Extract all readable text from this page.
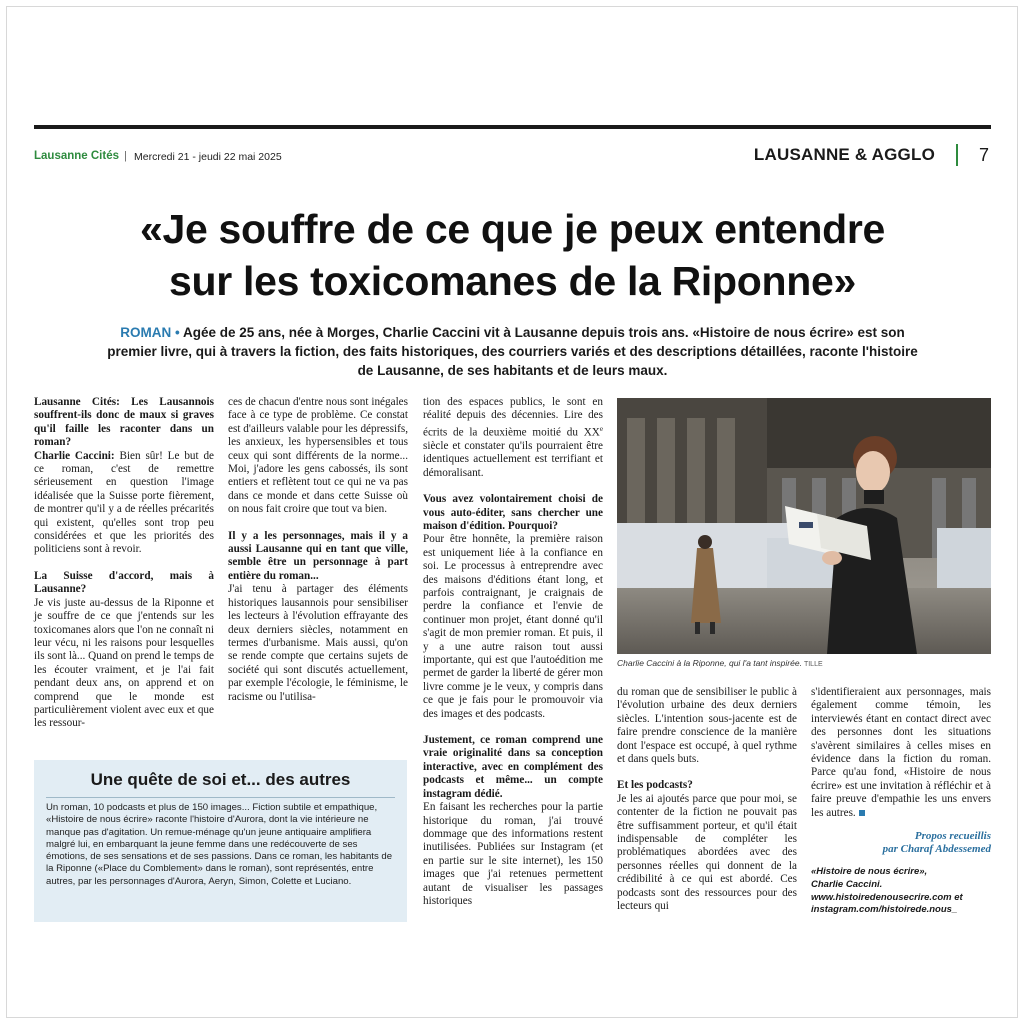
Lausanne Cités | Mercredi 21 - jeudi 22 mai 2025	LAUSANNE & AGGLO 7
«Je souffre de ce que je peux entendre
sur les toxicomanes de la Riponne»

ROMAN • Agée de 25 ans, née à Morges, Charlie Caccini vit à Lausanne depuis trois ans. «Histoire de nous écrire» est son premier livre, qui à travers la fiction, des faits historiques, des courriers variés et des descriptions détaillées, raconte l'histoire de Lausanne, de ses habitants et de leurs maux.

Lausanne Cités: Les Lausannois souffrent-ils donc de maux si graves qu'il faille les raconter dans un roman?

Charlie Caccini: Bien sûr! Le but de ce roman, c'est de remettre sérieusement en question l'image idéalisée que la Suisse porte fièrement, de montrer qu'il y a de réelles précarités qui existent, qu'elles sont trop peu considérées et que les priorités des politiciens sont à revoir.

La Suisse d'accord, mais à Lausanne?

Je vis juste au-dessus de la Riponne et je souffre de ce que j'entends sur les toxicomanes alors que l'on ne connaît ni leur vécu, ni les raisons pour lesquelles ils sont là... Quand on prend le temps de les écouter vraiment, et je l'ai fait pendant deux ans, on apprend et on comprend que le monde est particulièrement violent avec eux et que les ressour-

ces de chacun d'entre nous sont inégales face à ce type de problème. Ce constat est d'ailleurs valable pour les dépressifs, les anxieux, les hypersensibles et tous ceux qui sont différents de la norme... Moi, j'adore les gens cabossés, ils sont entiers et reflètent tout ce qui ne va pas dans ce monde et dans cette Suisse où on nous fait croire que tout va bien.

Il y a les personnages, mais il y a aussi Lausanne qui en tant que ville, semble être un personnage à part entière du roman...

J'ai tenu à partager des éléments historiques lausannois pour sensibiliser les lecteurs à l'évolution effrayante des deux derniers siècles, notamment en termes d'urbanisme. Mais aussi, qu'on se rende compte que certains sujets de société qui sont discutés actuellement, par exemple l'écologie, le féminisme, le racisme ou l'utilisa-

tion des espaces publics, le sont en réalité depuis des décennies. Lire des écrits de la deuxième moitié du XXe siècle et constater qu'ils pourraient être identiques actuellement est terrifiant et démoralisant.

Vous avez volontairement choisi de vous auto-éditer, sans chercher une maison d'édition. Pourquoi?

Pour être honnête, la première raison est uniquement liée à la confiance en soi. Le processus à entreprendre avec des maisons d'éditions étant long, et parfois contraignant, je craignais de perdre la confiance et l'envie de continuer mon projet, étant donné qu'il s'agit de mon premier roman. Et puis, il y a une autre raison tout aussi importante, qui est que l'autoédition me permet de garder la liberté de gérer mon livre comme je le veux, y compris dans ce que je fais pour le promouvoir via des images et des podcasts.

Justement, ce roman comprend une vraie originalité dans sa conception interactive, avec en complément des podcasts et même... un compte instagram dédié.

En faisant les recherches pour la partie historique du roman, j'ai trouvé dommage que des informations restent inutilisées. Publiées sur Instagram (et en partie sur le site internet), les 150 images que j'ai retenues permettent autant de visualiser les passages historiques

Charlie Caccini à la Riponne, qui l'a tant inspirée. TILLE

du roman que de sensibiliser le public à l'évolution urbaine des deux derniers siècles. L'intention sous-jacente est de faire prendre conscience de la manière dont l'espace est occupé, à quel rythme et dans quels buts.

Et les podcasts?

Je les ai ajoutés parce que pour moi, se contenter de la fiction ne pouvait pas être suffisamment porteur, et qu'il était indispensable de compléter les problématiques abordées avec des personnes réelles qui donnent de la crédibilité à ce qui est abordé. Ces podcasts sont des ressources pour des lecteurs qui

s'identifieraient aux personnages, mais également comme témoin, les interviewés étant en contact direct avec des personnes dont les situations s'avèrent similaires à celles mises en évidence dans la fiction du roman. Parce qu'au fond, «Histoire de nous écrire» est une invitation à réfléchir et à faire preuve d'empathie les uns envers les autres.

Propos recueillis
par Charaf Abdessemed
«Histoire de nous écrire»,
Charlie Caccini.
www.histoiredenousecrire.com et
instagram.com/histoirede.nous_
Une quête de soi et... des autres

Un roman, 10 podcasts et plus de 150 images... Fiction subtile et empathique, «Histoire de nous écrire» raconte l'histoire d'Aurora, dont la vie intérieure ne manque pas d'agitation. Un remue-ménage qu'un jeune antiquaire amplifiera malgré lui, en embarquant la jeune femme dans une redécouverte de ses émotions, de ses sensations et de ses passions. Dans ce roman, les habitants de la Riponne («Place du Comblement» dans le roman), sont représentés, entre autres, par les personnages d'Aurora, Aeryn, Simon, Colette et Luciano.
